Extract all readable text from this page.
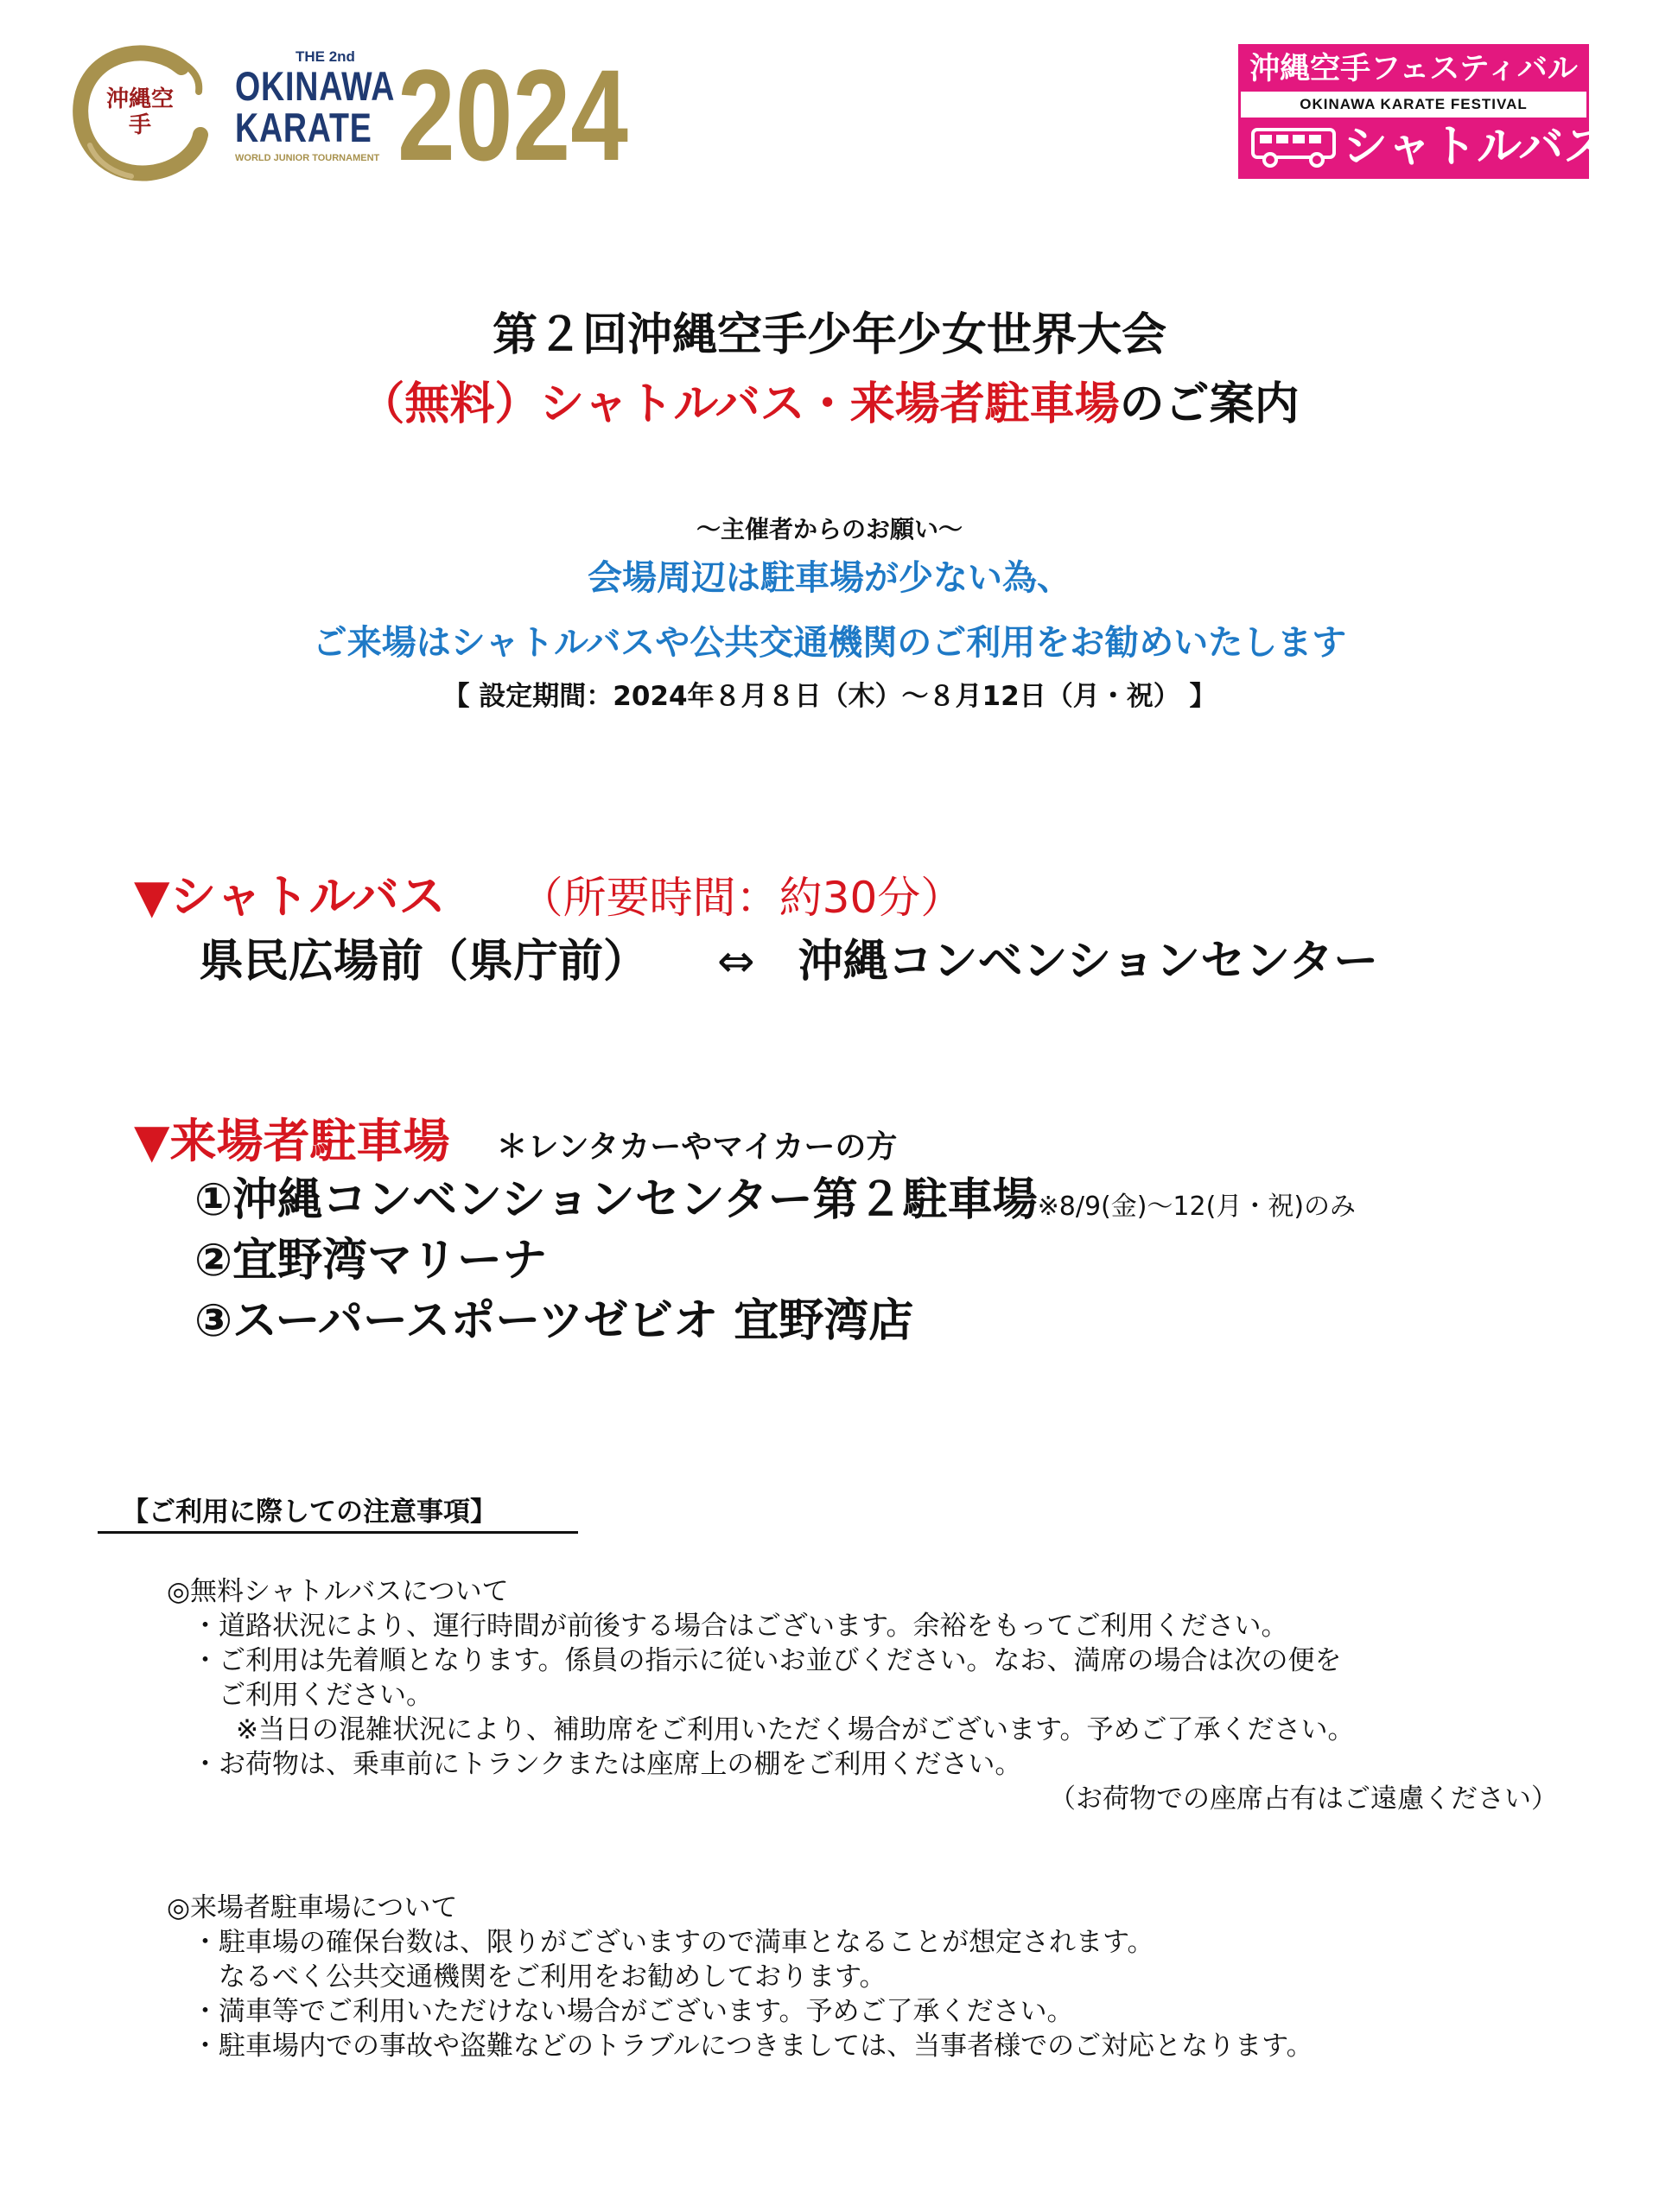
沖縄空手
THE 2nd
OKINAWA
KARATE
WORLD JUNIOR TOURNAMENT 2024	沖縄空手フェスティバル
OKINAWA KARATE FESTIVAL
シャトルバス
第２回沖縄空手少年少女世界大会
（無料）シャトルバス・来場者駐車場のご案内
～主催者からのお願い～
会場周辺は駐車場が少ない為、
ご来場はシャトルバスや公共交通機関のご利用をお勧めいたします
【 設定期間：2024年８月８日（木）～８月12日（月・祝） 】
▼シャトルバス （所要時間：約30分）
県民広場前（県庁前） ⇔ 沖縄コンベンションセンター
▼来場者駐車場 ＊レンタカーやマイカーの方
①沖縄コンベンションセンター第２駐車場※8/9(金)～12(月・祝)のみ
②宜野湾マリーナ
③スーパースポーツゼビオ 宜野湾店
【ご利用に際しての注意事項】
◎無料シャトルバスについて
・道路状況により、運行時間が前後する場合はございます。余裕をもってご利用ください。
・ご利用は先着順となります。係員の指示に従いお並びください。なお、満席の場合は次の便を
ご利用ください。
※当日の混雑状況により、補助席をご利用いただく場合がございます。予めご了承ください。
・お荷物は、乗車前にトランクまたは座席上の棚をご利用ください。
（お荷物での座席占有はご遠慮ください）
◎来場者駐車場について
・駐車場の確保台数は、限りがございますので満車となることが想定されます。
なるべく公共交通機関をご利用をお勧めしております。
・満車等でご利用いただけない場合がございます。予めご了承ください。
・駐車場内での事故や盗難などのトラブルにつきましては、当事者様でのご対応となります。
